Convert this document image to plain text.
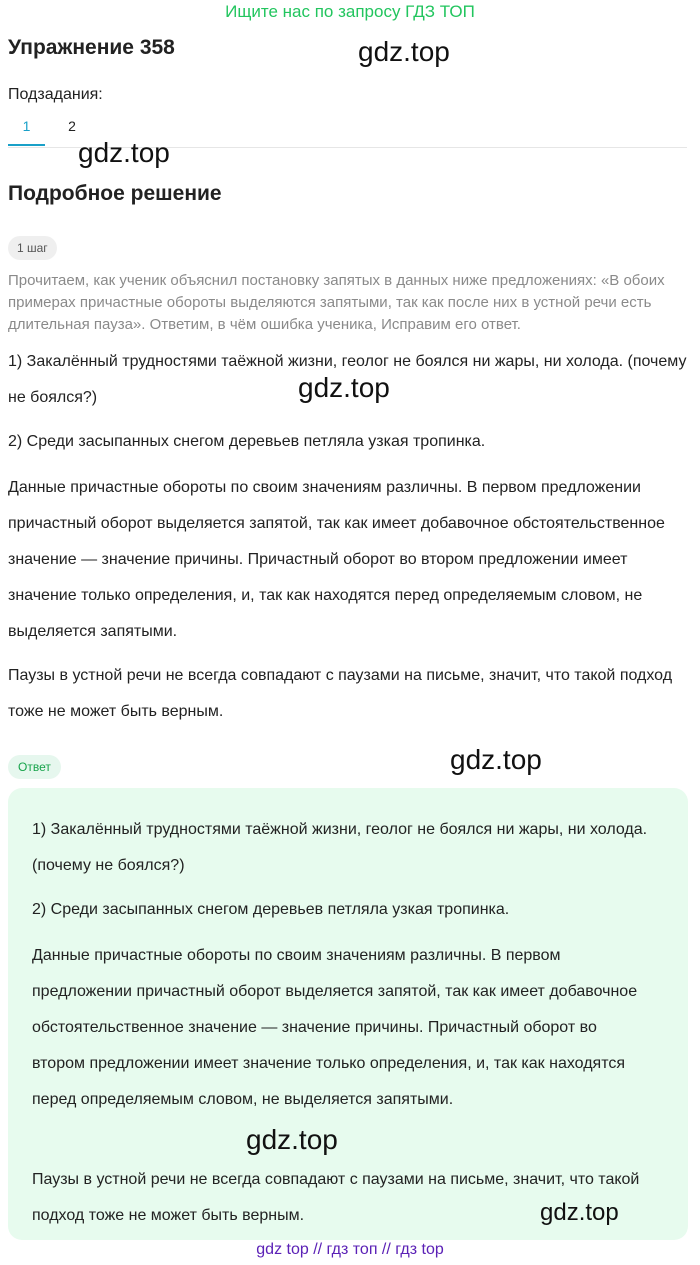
Ищите нас по запросу ГДЗ ТОП
Упражнение 358
Подзадания:
1	2
Подробное решение
1 шаг

Прочитаем, как ученик объяснил постановку запятых в данных ниже предложениях: «В обоих примерах причастные обороты выделяются запятыми, так как после них в устной речи есть длительная пауза». Ответим, в чём ошибка ученика, Исправим его ответ.

1) Закалённый трудностями таёжной жизни, геолог не боялся ни жары, ни холода. (почему не боялся?)

2) Среди засыпанных снегом деревьев петляла узкая тропинка.

Данные причастные обороты по своим значениям различны. В первом предложении причастный оборот выделяется запятой, так как имеет добавочное обстоятельственное значение — значение причины. Причастный оборот во втором предложении имеет значение только определения, и, так как находятся перед определяемым словом, не выделяется запятыми.

Паузы в устной речи не всегда совпадают с паузами на письме, значит, что такой подход тоже не может быть верным.

Ответ

1) Закалённый трудностями таёжной жизни, геолог не боялся ни жары, ни холода. (почему не боялся?)

2) Среди засыпанных снегом деревьев петляла узкая тропинка.

Данные причастные обороты по своим значениям различны. В первом предложении причастный оборот выделяется запятой, так как имеет добавочное обстоятельственное значение — значение причины. Причастный оборот во втором предложении имеет значение только определения, и, так как находятся перед определяемым словом, не выделяется запятыми.

Паузы в устной речи не всегда совпадают с паузами на письме, значит, что такой подход тоже не может быть верным.

gdz.top
gdz.top
gdz.top
gdz.top
gdz.top
gdz.top
gdz top // гдз топ // гдз top
